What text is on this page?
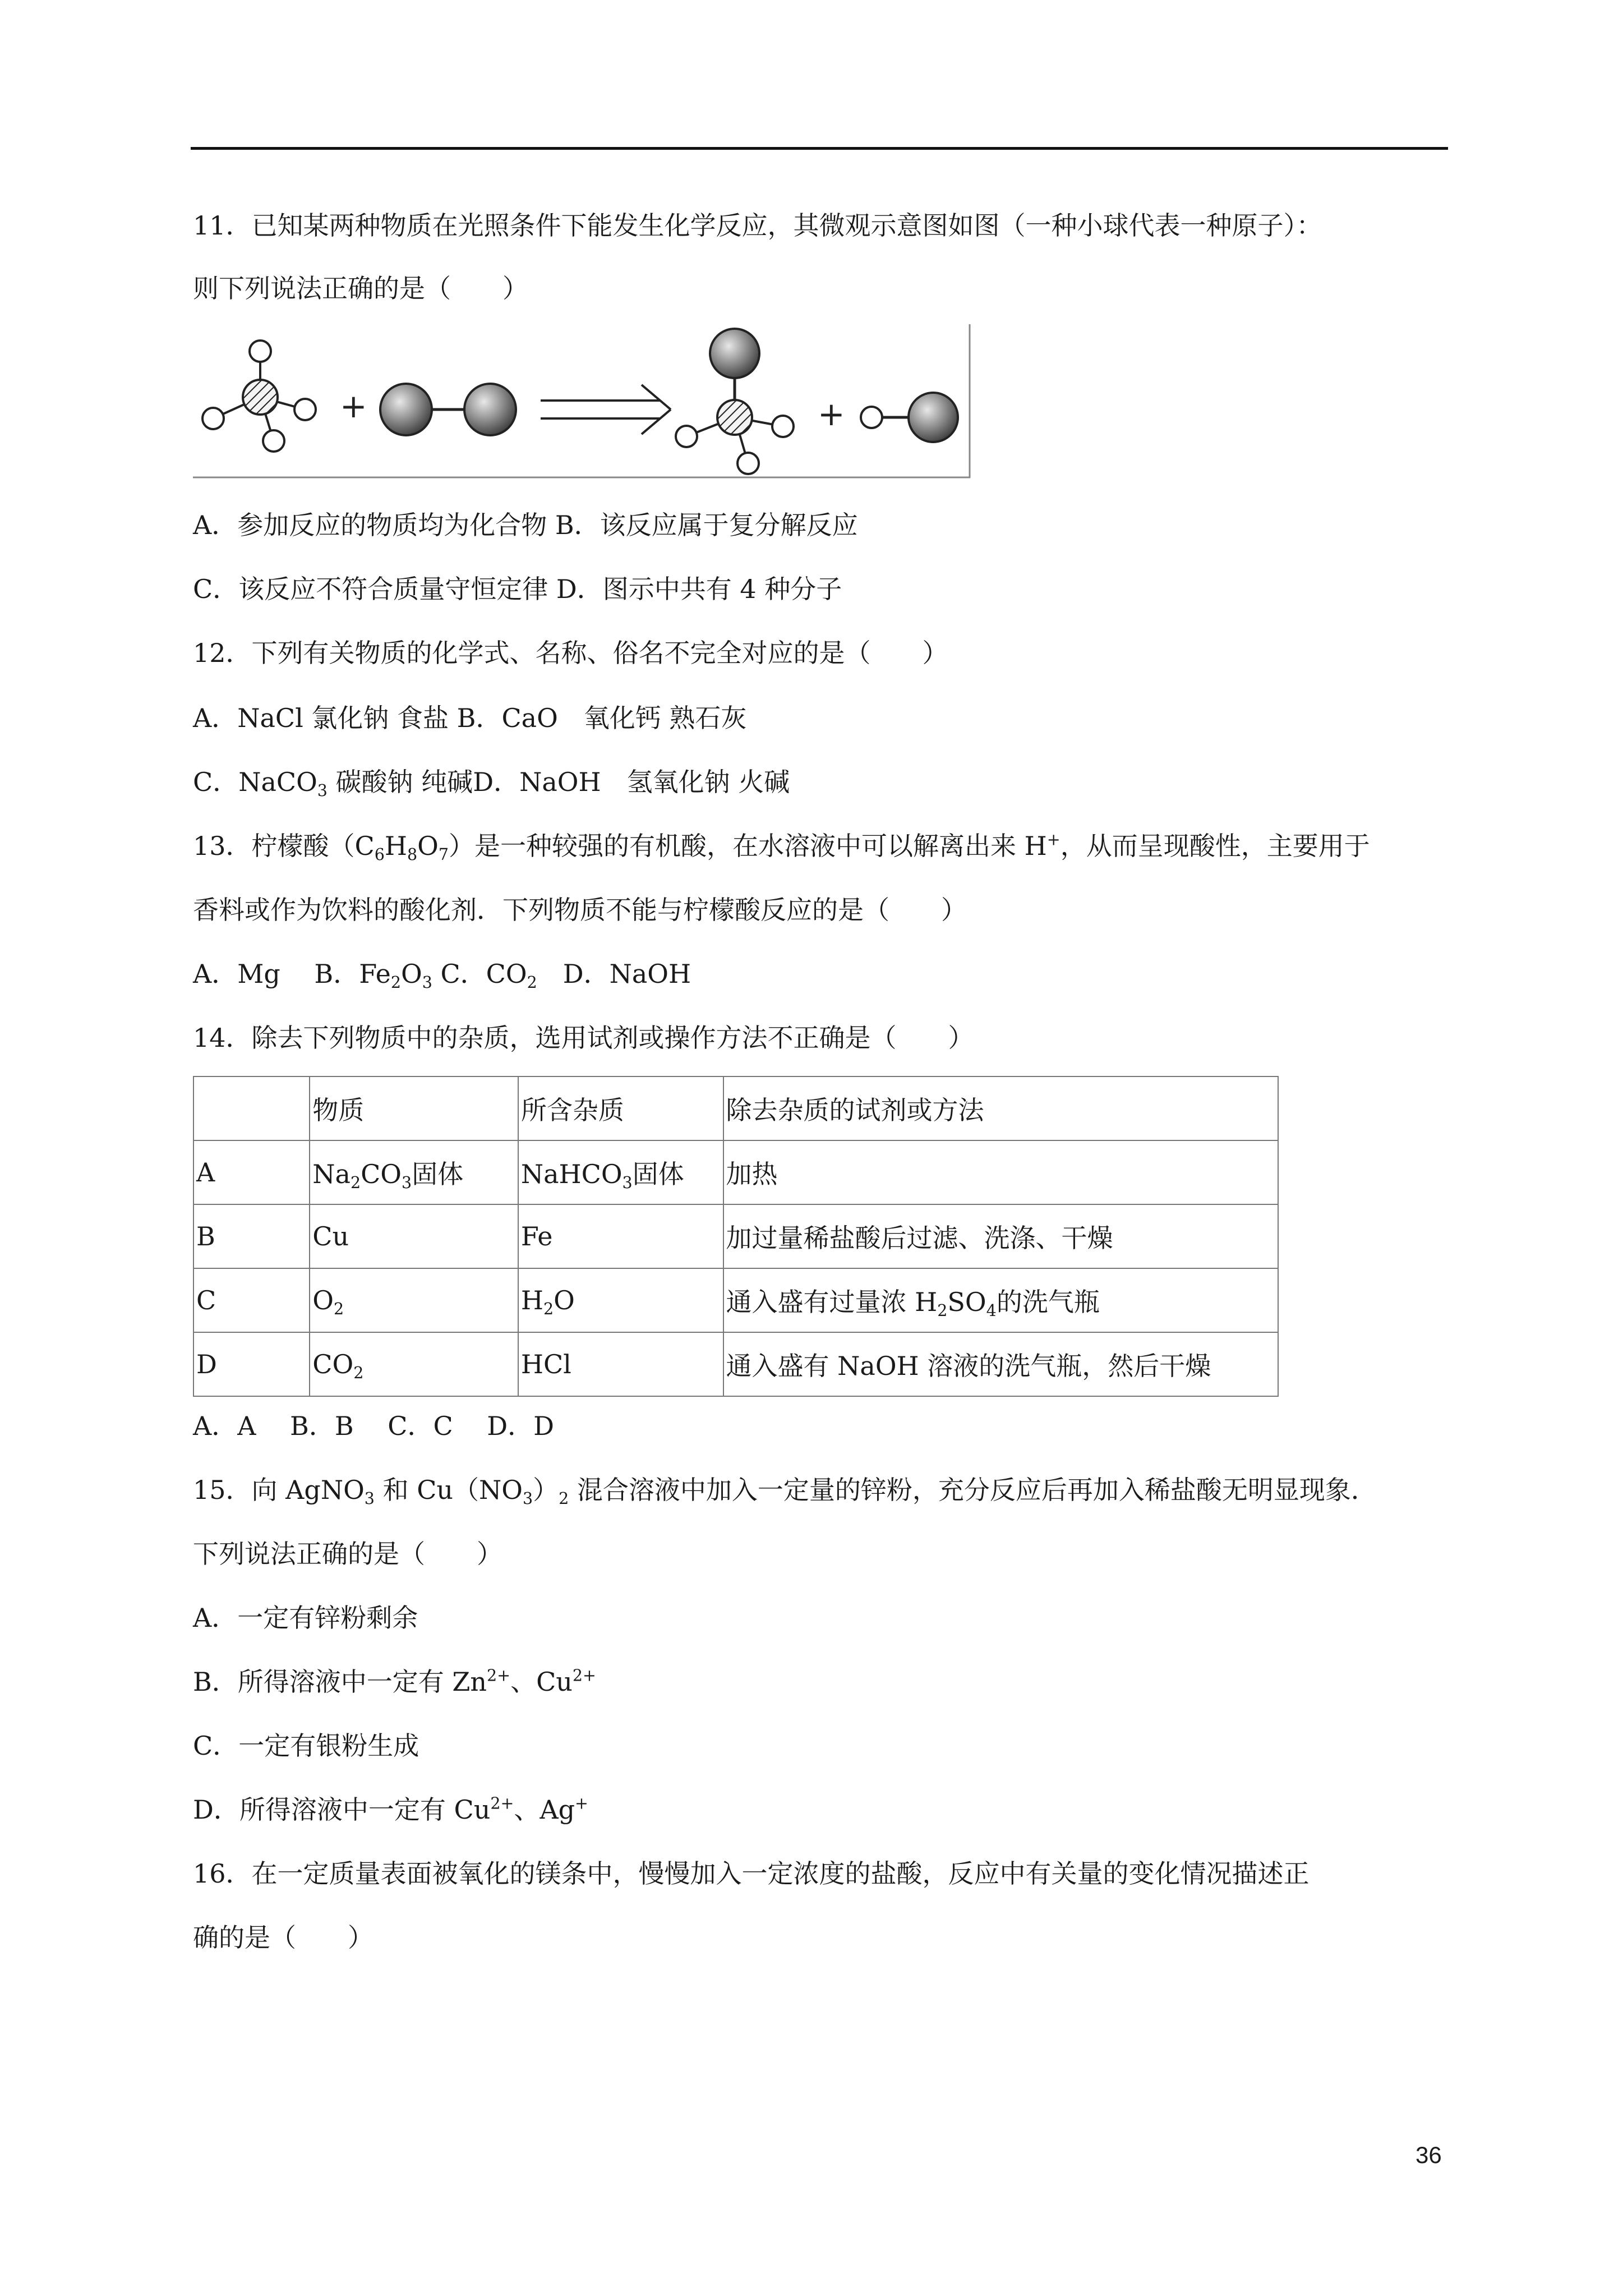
11．已知某两种物质在光照条件下能发生化学反应，其微观示意图如图（一种小球代表一种原子）：
则下列说法正确的是（　　）
+	+
A．参加反应的物质均为化合物 B．该反应属于复分解反应
C．该反应不符合质量守恒定律 D．图示中共有 4 种分子
12．下列有关物质的化学式、名称、俗名不完全对应的是（　　）
A．NaCl 氯化钠 食盐 B．CaO　氧化钙 熟石灰
C．NaCO$_3$ 碳酸钠 纯碱D．NaOH　氢氧化钠 火碱
13．柠檬酸$(C_6H_8O_7)$是一种较强的有机酸，在水溶液中可以解离出来 H+，从而呈现酸性，主要用于
香料或作为饮料的酸化剂．下列物质不能与柠檬酸反应的是（　　）
A．Mg　 B．$Fe_2O_3$ C．$CO_2$　D．NaOH
14．除去下列物质中的杂质，选用试剂或操作方法不正确是（　　）
	物质	所含杂质	除去杂质的试剂或方法
A	$Na_2CO_3$固体	NaHCO$_3$固体	加热
B	Cu	Fe	加过量稀盐酸后过滤、洗涤、干燥
C	$O_2$	$H_2O$	通入盛有过量浓 $H_2SO_4$的洗气瓶
D	$CO_2$	HCl	通入盛有 NaOH 溶液的洗气瓶，然后干燥
A．A　 B．B　 C．C　 D．D
15．向 AgNO$_3$ 和 $Cu(NO_3)_2$ 混合溶液中加入一定量的锌粉，充分反应后再加入稀盐酸无明显现象．
下列说法正确的是（　　）
A．一定有锌粉剩余
B．所得溶液中一定有 $Zn^{2+}$、$Cu^{2+}$
C．一定有银粉生成
D．所得溶液中一定有 $Cu^{2+}$、Ag+
16．在一定质量表面被氧化的镁条中，慢慢加入一定浓度的盐酸，反应中有关量的变化情况描述正
确的是（　　）
36
